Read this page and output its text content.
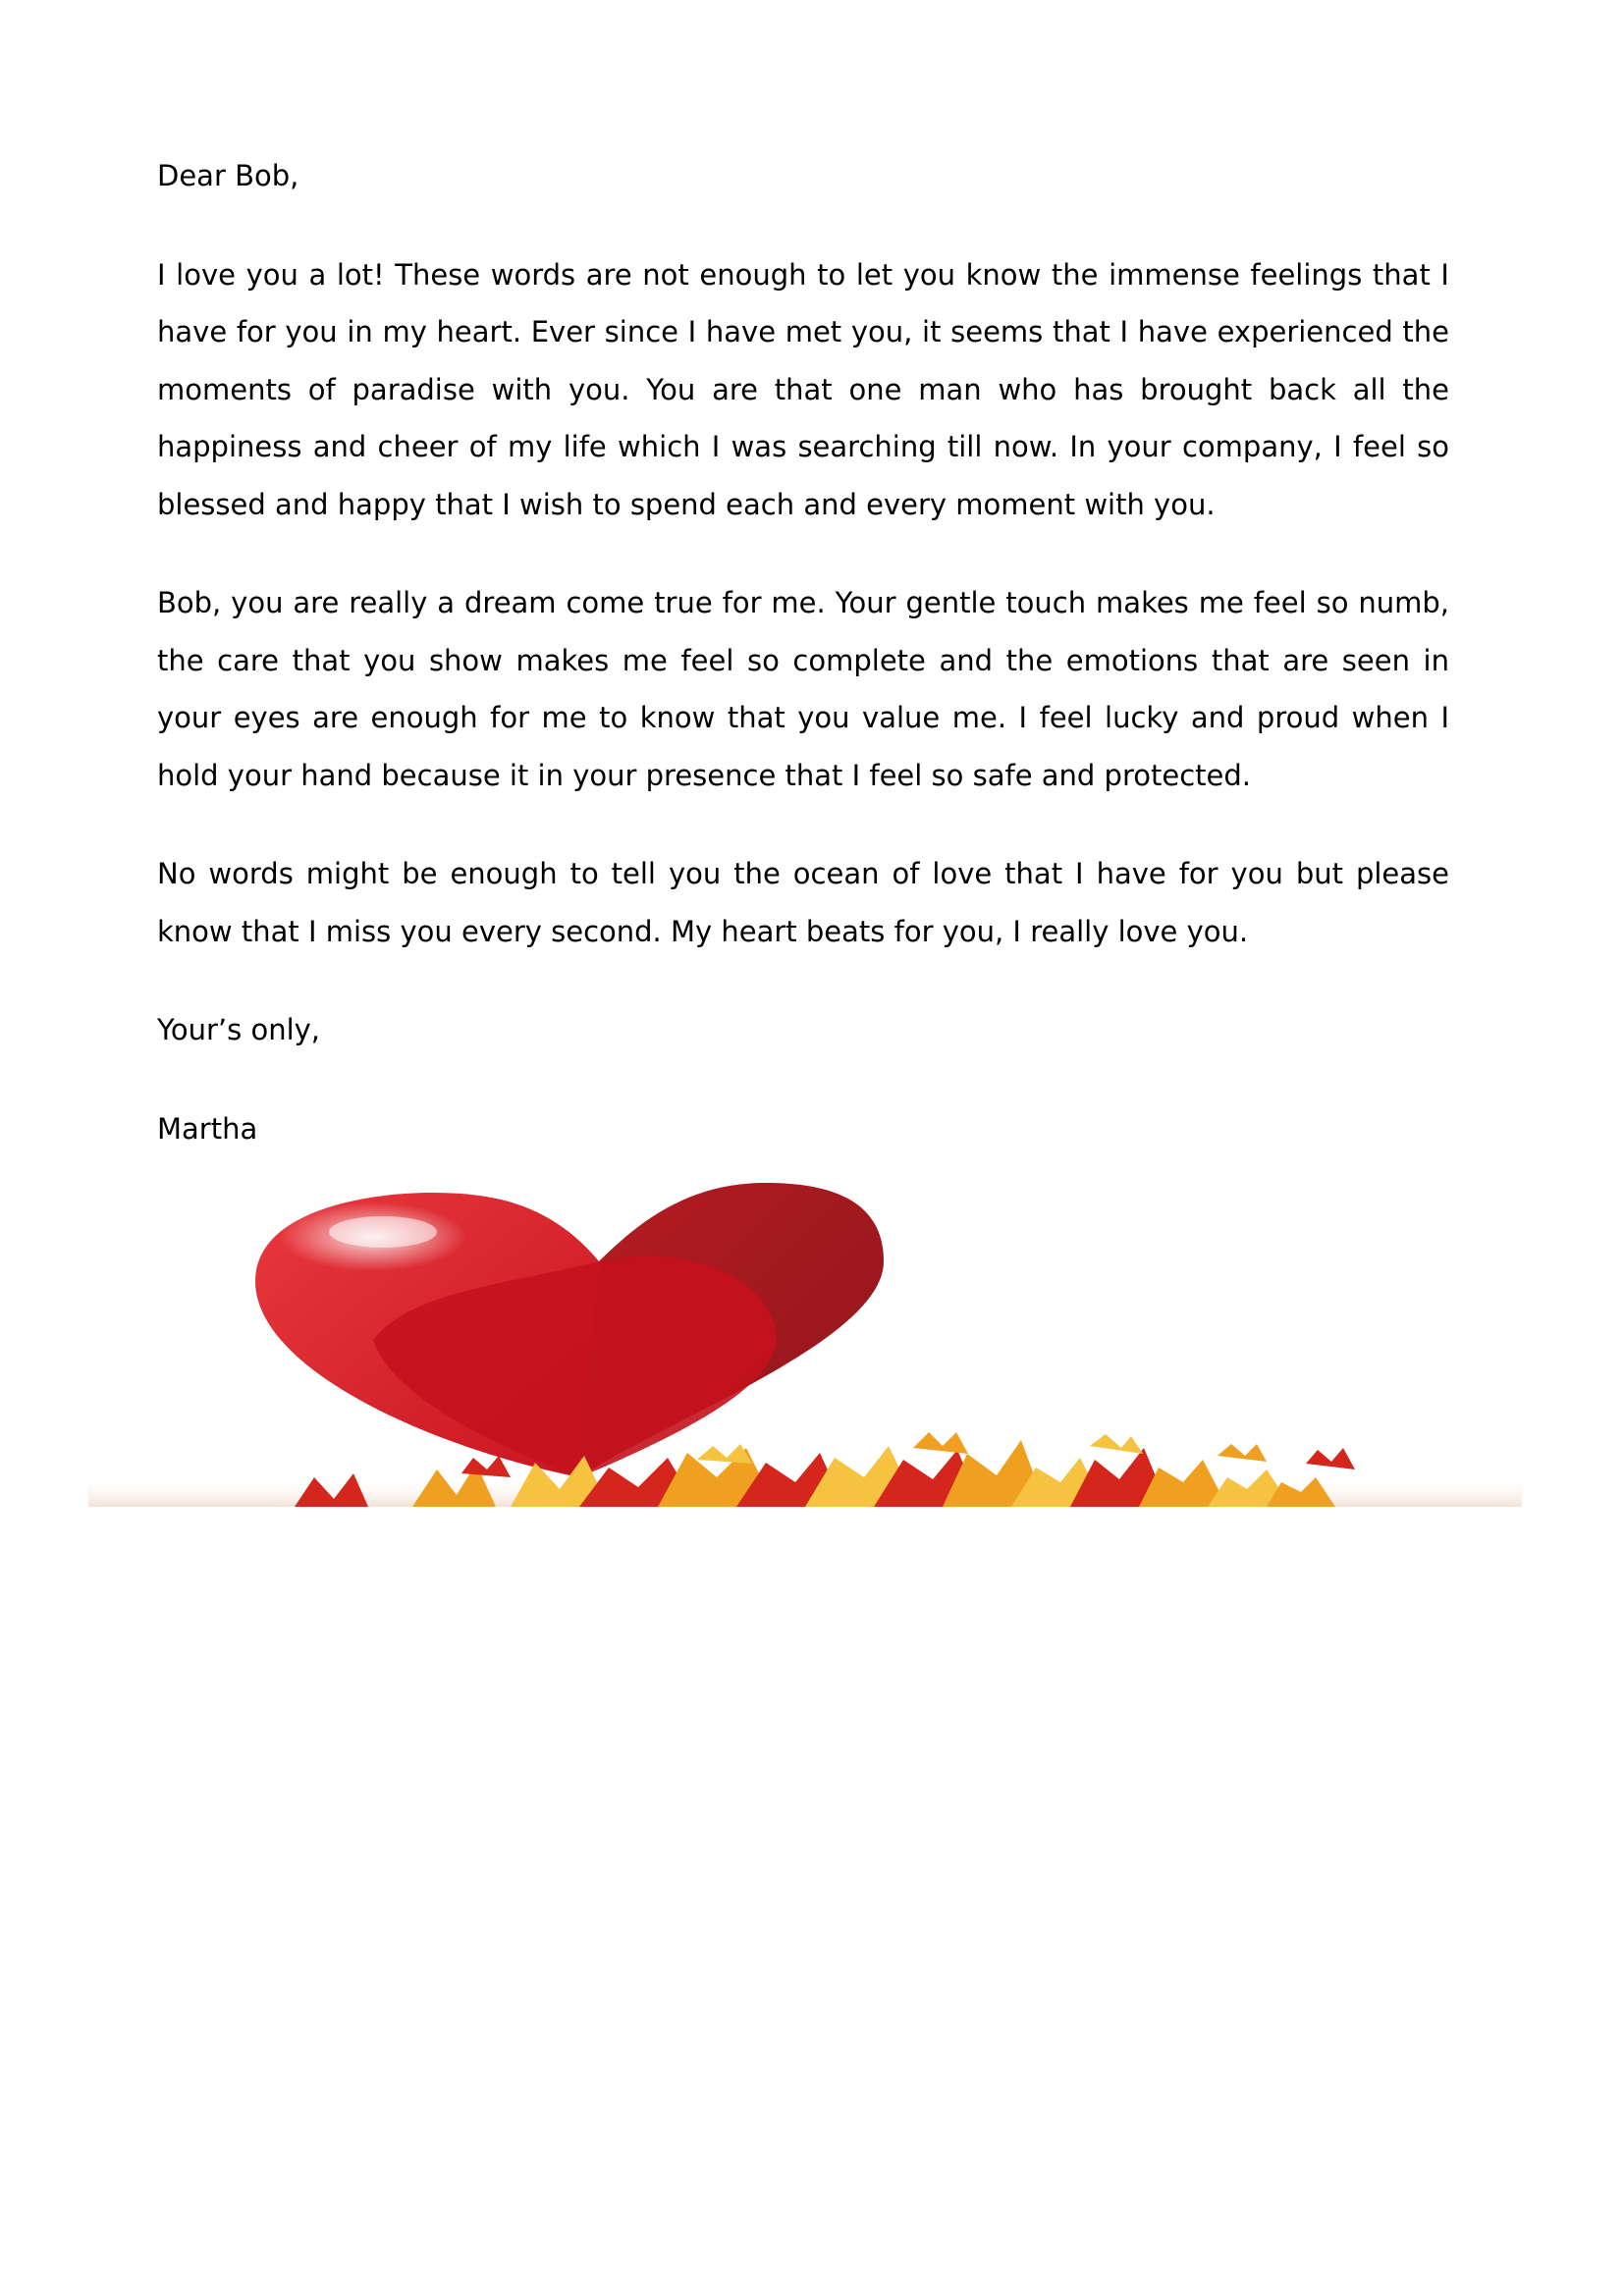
Dear Bob,

I love you a lot! These words are not enough to let you know the immense feelings that I have for you in my heart. Ever since I have met you, it seems that I have experienced the moments of paradise with you. You are that one man who has brought back all the happiness and cheer of my life which I was searching till now. In your company, I feel so blessed and happy that I wish to spend each and every moment with you.

Bob, you are really a dream come true for me. Your gentle touch makes me feel so numb, the care that you show makes me feel so complete and the emotions that are seen in your eyes are enough for me to know that you value me. I feel lucky and proud when I hold your hand because it in your presence that I feel so safe and protected.

No words might be enough to tell you the ocean of love that I have for you but please know that I miss you every second. My heart beats for you, I really love you.

Your’s only,

Martha
